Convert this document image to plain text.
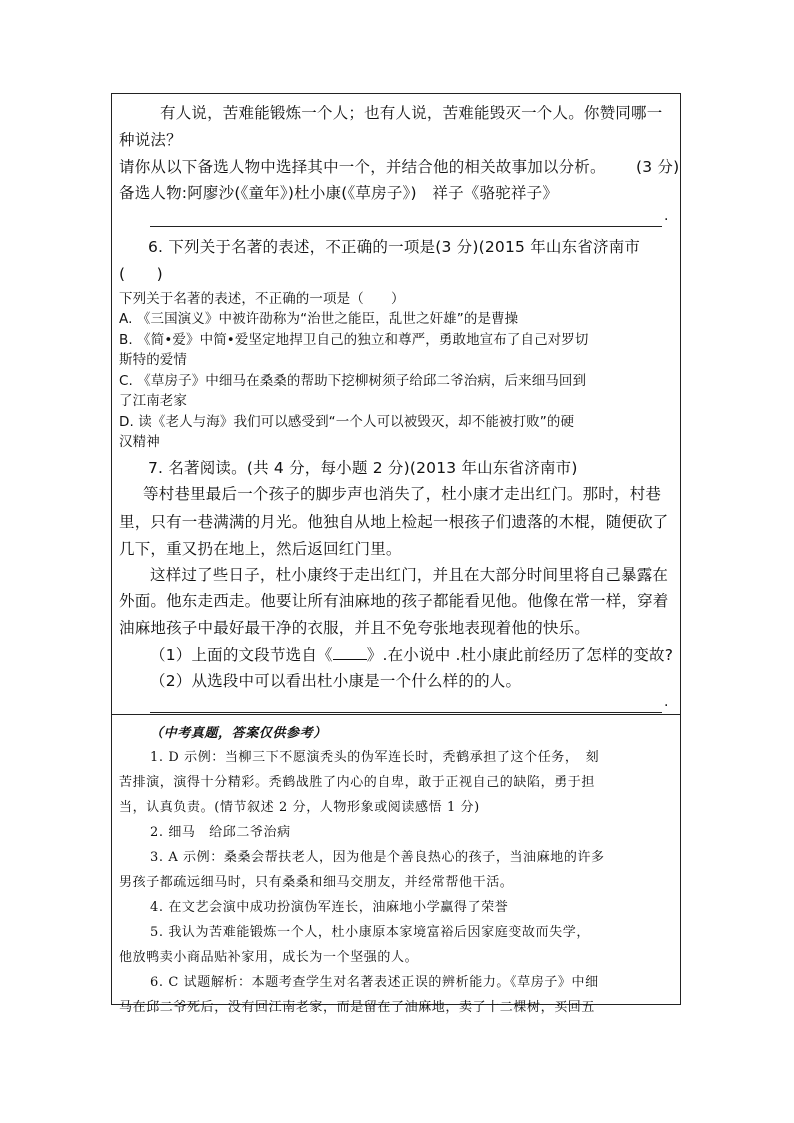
有人说，苦难能锻炼一个人；也有人说，苦难能毁灭一个人。你赞同哪一
种说法？
请你从以下备选人物中选择其中一个，并结合他的相关故事加以分析。 (3 分)
备选人物:阿廖沙(《童年》)杜小康(《草房子》)　祥子《骆驼祥子》
.
6. 下列关于名著的表述，不正确的一项是(3 分)(2015 年山东省济南市
(　　)
下列关于名著的表述，不正确的一项是（　　）
A. 《三国演义》中被许劭称为“治世之能臣，乱世之奸雄”的是曹操
B. 《简•爱》中简•爱坚定地捍卫自己的独立和尊严，勇敢地宣布了自己对罗切
斯特的爱情
C. 《草房子》中细马在桑桑的帮助下挖柳树须子给邱二爷治病，后来细马回到
了江南老家
D. 读《老人与海》我们可以感受到“一个人可以被毁灭，却不能被打败”的硬
汉精神
7. 名著阅读。(共 4 分，每小题 2 分)(2013 年山东省济南市)
等村巷里最后一个孩子的脚步声也消失了，杜小康才走出红门。那时，村巷
里，只有一巷满满的月光。他独自从地上检起一根孩子们遗落的木棍，随便砍了
几下，重又扔在地上，然后返回红门里。
这样过了些日子，杜小康终于走出红门，并且在大部分时间里将自己暴露在
外面。他东走西走。他要让所有油麻地的孩子都能看见他。他像在常一样，穿着
油麻地孩子中最好最干净的衣服，并且不免夸张地表现着他的快乐。
（1）上面的文段节选自《 》.在小说中 .杜小康此前经历了怎样的变故?
（2）从选段中可以看出杜小康是一个什么样的的人。
.
（中考真题，答案仅供参考）
1. D 示例：当柳三下不愿演秃头的伪军连长时，秃鹤承担了这个任务，　刻
苦排演，演得十分精彩。秃鹤战胜了内心的自卑，敢于正视自己的缺陷，勇于担
当，认真负责。(情节叙述 2 分，人物形象或阅读感悟 1 分)
2. 细马　给邱二爷治病
3. A 示例：桑桑会帮扶老人，因为他是个善良热心的孩子，当油麻地的许多
男孩子都疏远细马时，只有桑桑和细马交朋友，并经常帮他干活。
4. 在文艺会演中成功扮演伪军连长，油麻地小学赢得了荣誉
5. 我认为苦难能锻炼一个人，杜小康原本家境富裕后因家庭变故而失学，
他放鸭卖小商品贴补家用，成长为一个坚强的人。
6. C 试题解析：本题考查学生对名著表述正误的辨析能力。《草房子》中细
马在邱二爷死后，没有回江南老家，而是留在了油麻地，卖了十二棵树，买回五
